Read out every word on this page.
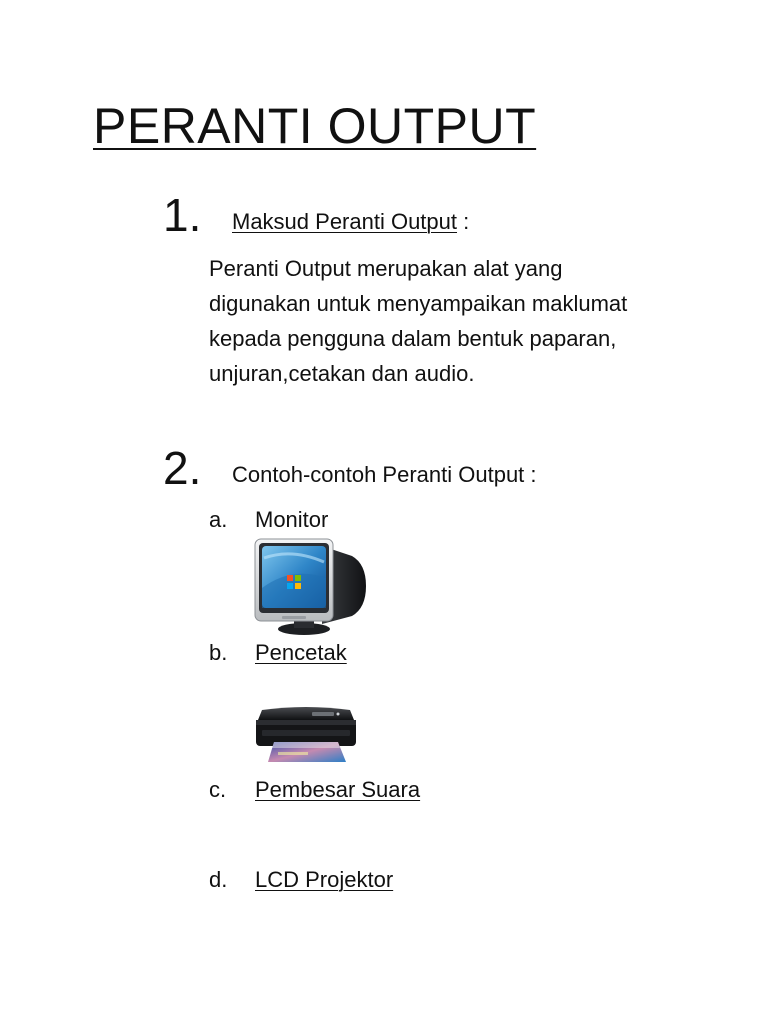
PERANTI OUTPUT
1. Maksud Peranti Output :
Peranti Output merupakan alat yang digunakan untuk menyampaikan maklumat kepada pengguna dalam bentuk paparan, unjuran,cetakan dan audio.
2. Contoh-contoh Peranti Output :
a. Monitor
b. Pencetak
c. Pembesar Suara
d. LCD Projektor
